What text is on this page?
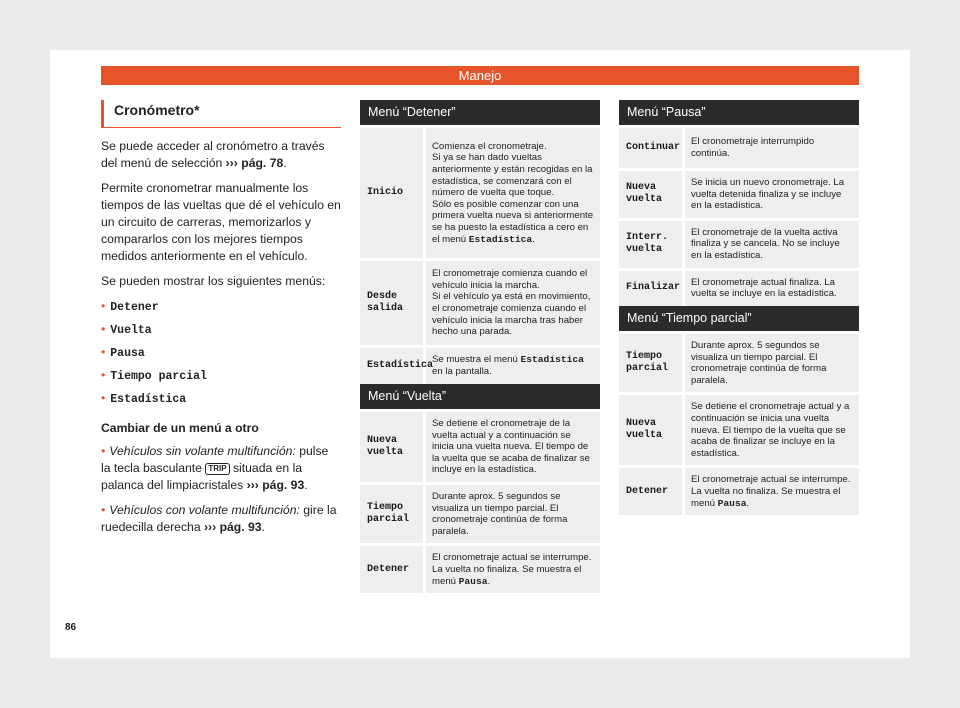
Manejo
Cronómetro*

Se puede acceder al cronómetro a través del menú de selección ››› pág. 78.

Permite cronometrar manualmente los tiempos de las vueltas que dé el vehículo en un circuito de carreras, memorizarlos y compararlos con los mejores tiempos medidos anteriormente en el vehículo.

Se pueden mostrar los siguientes menús:

• Detener
• Vuelta
• Pausa
• Tiempo parcial
• Estadística
Cambiar de un menú a otro

• Vehículos sin volante multifunción: pulse la tecla basculante TRIP situada en la palanca del limpiacristales ››› pág. 93.

• Vehículos con volante multifunción: gire la ruedecilla derecha ››› pág. 93.

Menú “Detener”
Inicio
Comienza el cronometraje.
Si ya se han dado vueltas anteriormente y están recogidas en la estadística, se comenzará con el número de vuelta que toque.
Sólo es posible comenzar con una primera vuelta nueva si anteriormente se ha puesto la estadística a cero en el menú Estadística.
Desde salida
El cronometraje comienza cuando el vehículo inicia la marcha.
Si el vehículo ya está en movimiento, el cronometraje comienza cuando el vehículo inicia la marcha tras haber hecho una parada.
Estadística
Se muestra el menú Estadística en la pantalla.
Menú “Vuelta”
Nueva vuelta
Se detiene el cronometraje de la vuelta actual y a continuación se inicia una vuelta nueva. El tiempo de la vuelta que se acaba de finalizar se incluye en la estadística.
Tiempo parcial
Durante aprox. 5 segundos se visualiza un tiempo parcial. El cronometraje continúa de forma paralela.
Detener
El cronometraje actual se interrumpe. La vuelta no finaliza. Se muestra el menú Pausa.
Menú “Pausa”
Continuar
El cronometraje interrumpido continúa.
Nueva vuelta
Se inicia un nuevo cronometraje. La vuelta detenida finaliza y se incluye en la estadística.
Interr. vuelta
El cronometraje de la vuelta activa finaliza y se cancela. No se incluye en la estadística.
Finalizar
El cronometraje actual finaliza. La vuelta se incluye en la estadística.
Menú “Tiempo parcial”
Tiempo parcial
Durante aprox. 5 segundos se visualiza un tiempo parcial. El cronometraje continúa de forma paralela.
Nueva vuelta
Se detiene el cronometraje actual y a continuación se inicia una vuelta nueva. El tiempo de la vuelta que se acaba de finalizar se incluye en la estadística.
Detener
El cronometraje actual se interrumpe. La vuelta no finaliza. Se muestra el menú Pausa.
86
